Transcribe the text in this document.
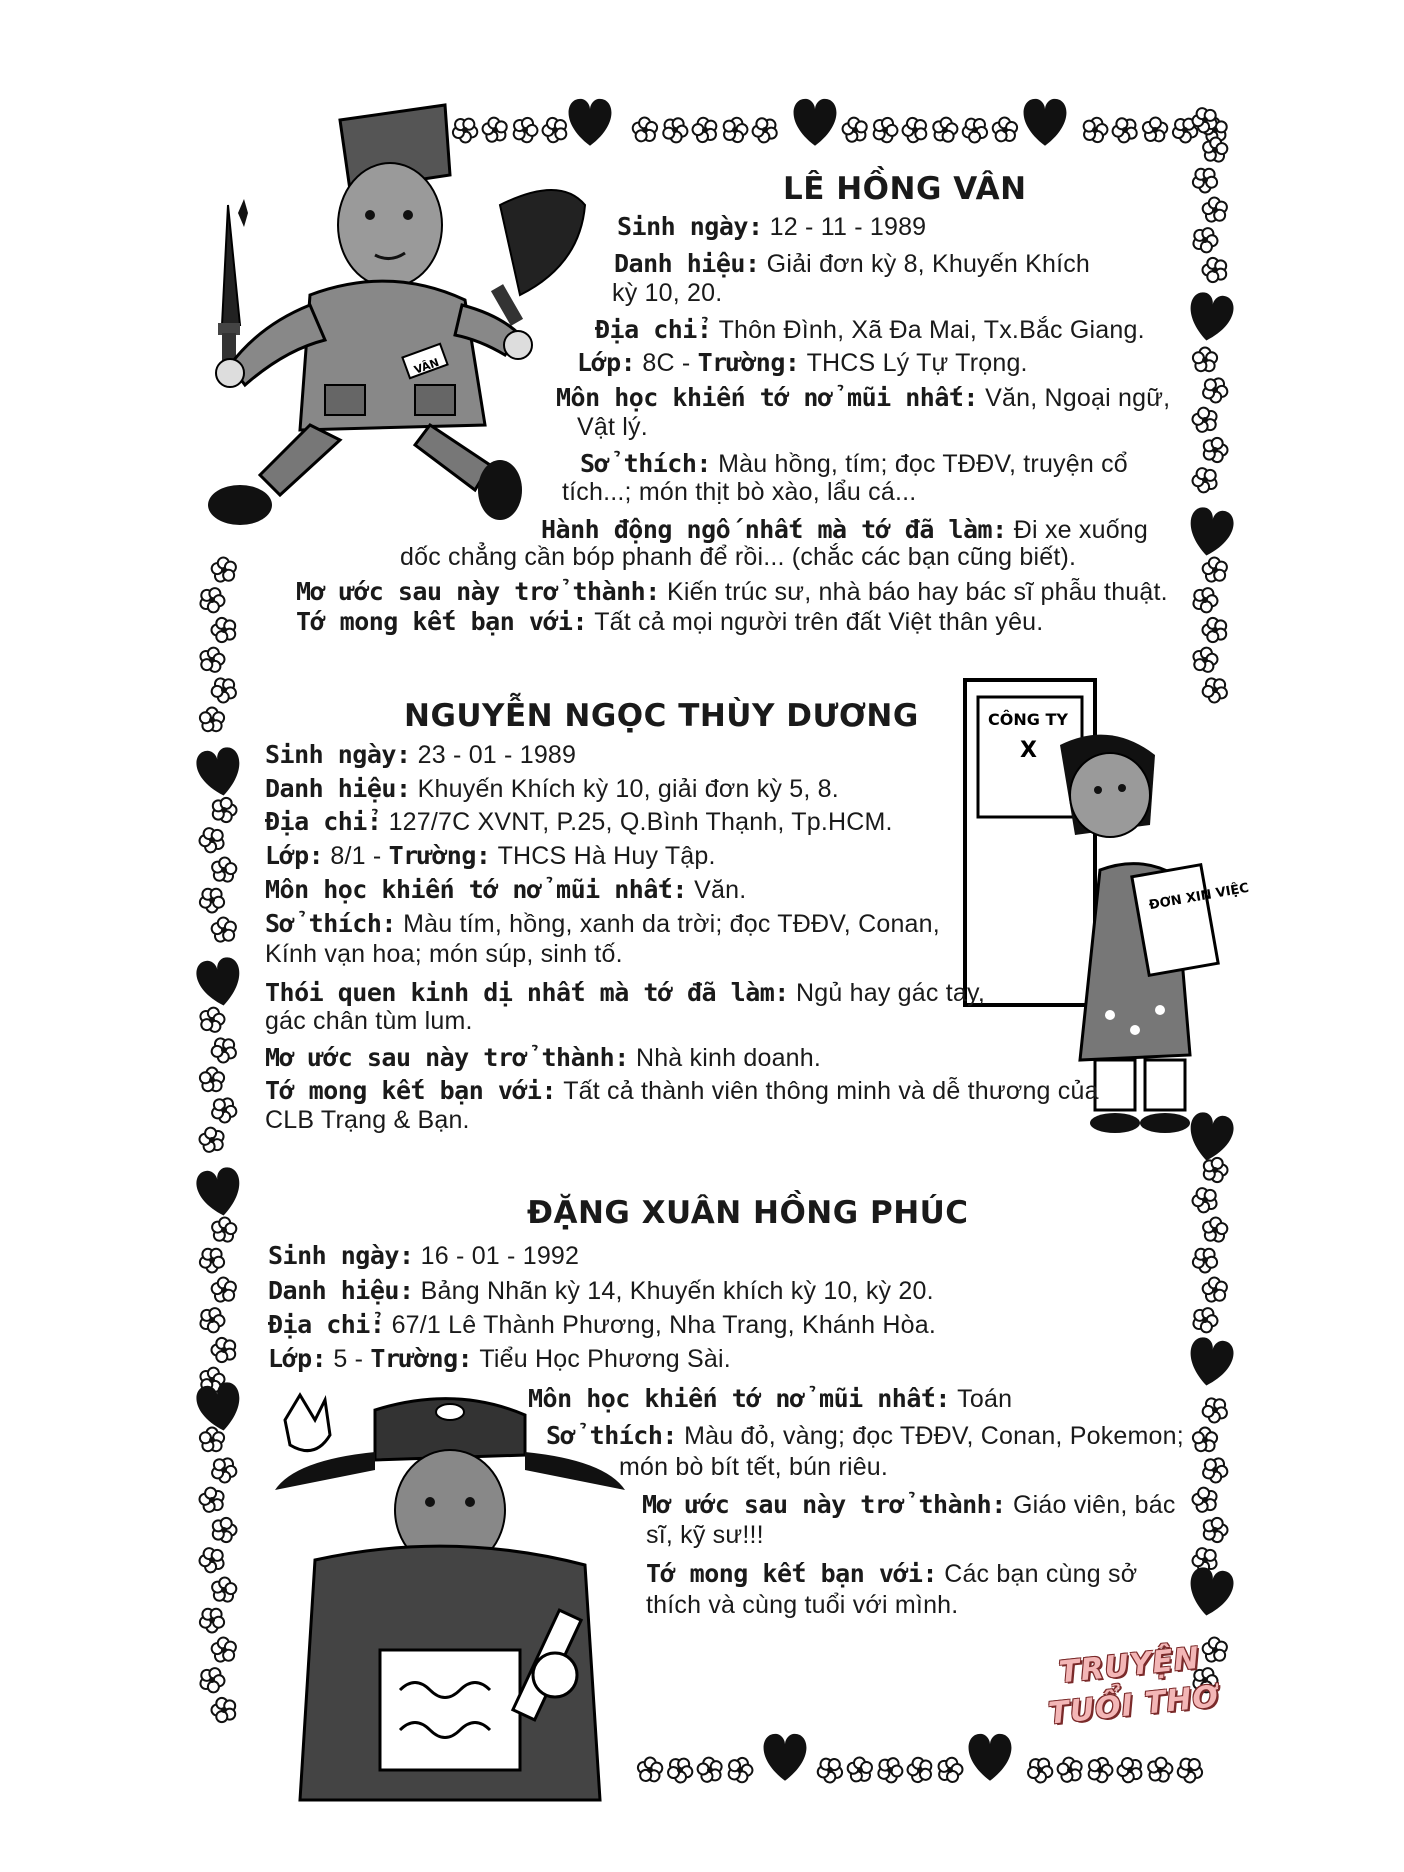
VÂN
CÔNG TY
X
ĐƠN XIN VIỆC
LÊ HỒNG VÂN
Sinh ngày: 12 - 11 - 1989
Danh hiệu: Giải đơn kỳ 8, Khuyến Khích
kỳ 10, 20.
Địa chỉ: Thôn Đình, Xã Đa Mai, Tx.Bắc Giang.
Lớp: 8C - Trường: THCS Lý Tự Trọng.
Môn học khiến tớ nở mũi nhất: Văn, Ngoại ngữ,
Vật lý.
Sở thích: Màu hồng, tím; đọc TĐĐV, truyện cổ
tích...; món thịt bò xào, lẩu cá...
Hành động ngố nhất mà tớ đã làm: Đi xe xuống
dốc chẳng cần bóp phanh để rồi... (chắc các bạn cũng biết).
Mơ ước sau này trở thành: Kiến trúc sư, nhà báo hay bác sĩ phẫu thuật.
Tớ mong kết bạn với: Tất cả mọi người trên đất Việt thân yêu.
NGUYỄN NGỌC THÙY DƯƠNG
Sinh ngày: 23 - 01 - 1989
Danh hiệu: Khuyến Khích kỳ 10, giải đơn kỳ 5, 8.
Địa chỉ: 127/7C XVNT, P.25, Q.Bình Thạnh, Tp.HCM.
Lớp: 8/1 - Trường: THCS Hà Huy Tập.
Môn học khiến tớ nở mũi nhất: Văn.
Sở thích: Màu tím, hồng, xanh da trời; đọc TĐĐV, Conan,
Kính vạn hoa; món súp, sinh tố.
Thói quen kinh dị nhất mà tớ đã làm: Ngủ hay gác tay,
gác chân tùm lum.
Mơ ước sau này trở thành: Nhà kinh doanh.
Tớ mong kết bạn với: Tất cả thành viên thông minh và dễ thương của
CLB Trạng & Bạn.
ĐẶNG XUÂN HỒNG PHÚC
Sinh ngày: 16 - 01 - 1992
Danh hiệu: Bảng Nhãn kỳ 14, Khuyến khích kỳ 10, kỳ 20.
Địa chỉ: 67/1 Lê Thành Phương, Nha Trang, Khánh Hòa.
Lớp: 5 - Trường: Tiểu Học Phương Sài.
Môn học khiến tớ nở mũi nhất: Toán
Sở thích: Màu đỏ, vàng; đọc TĐĐV, Conan, Pokemon;
món bò bít tết, bún riêu.
Mơ ước sau này trở thành: Giáo viên, bác
sĩ, kỹ sư!!!
Tớ mong kết bạn với: Các bạn cùng sở
thích và cùng tuổi với mình.
TRUYỆN
TUỔI THƠ
